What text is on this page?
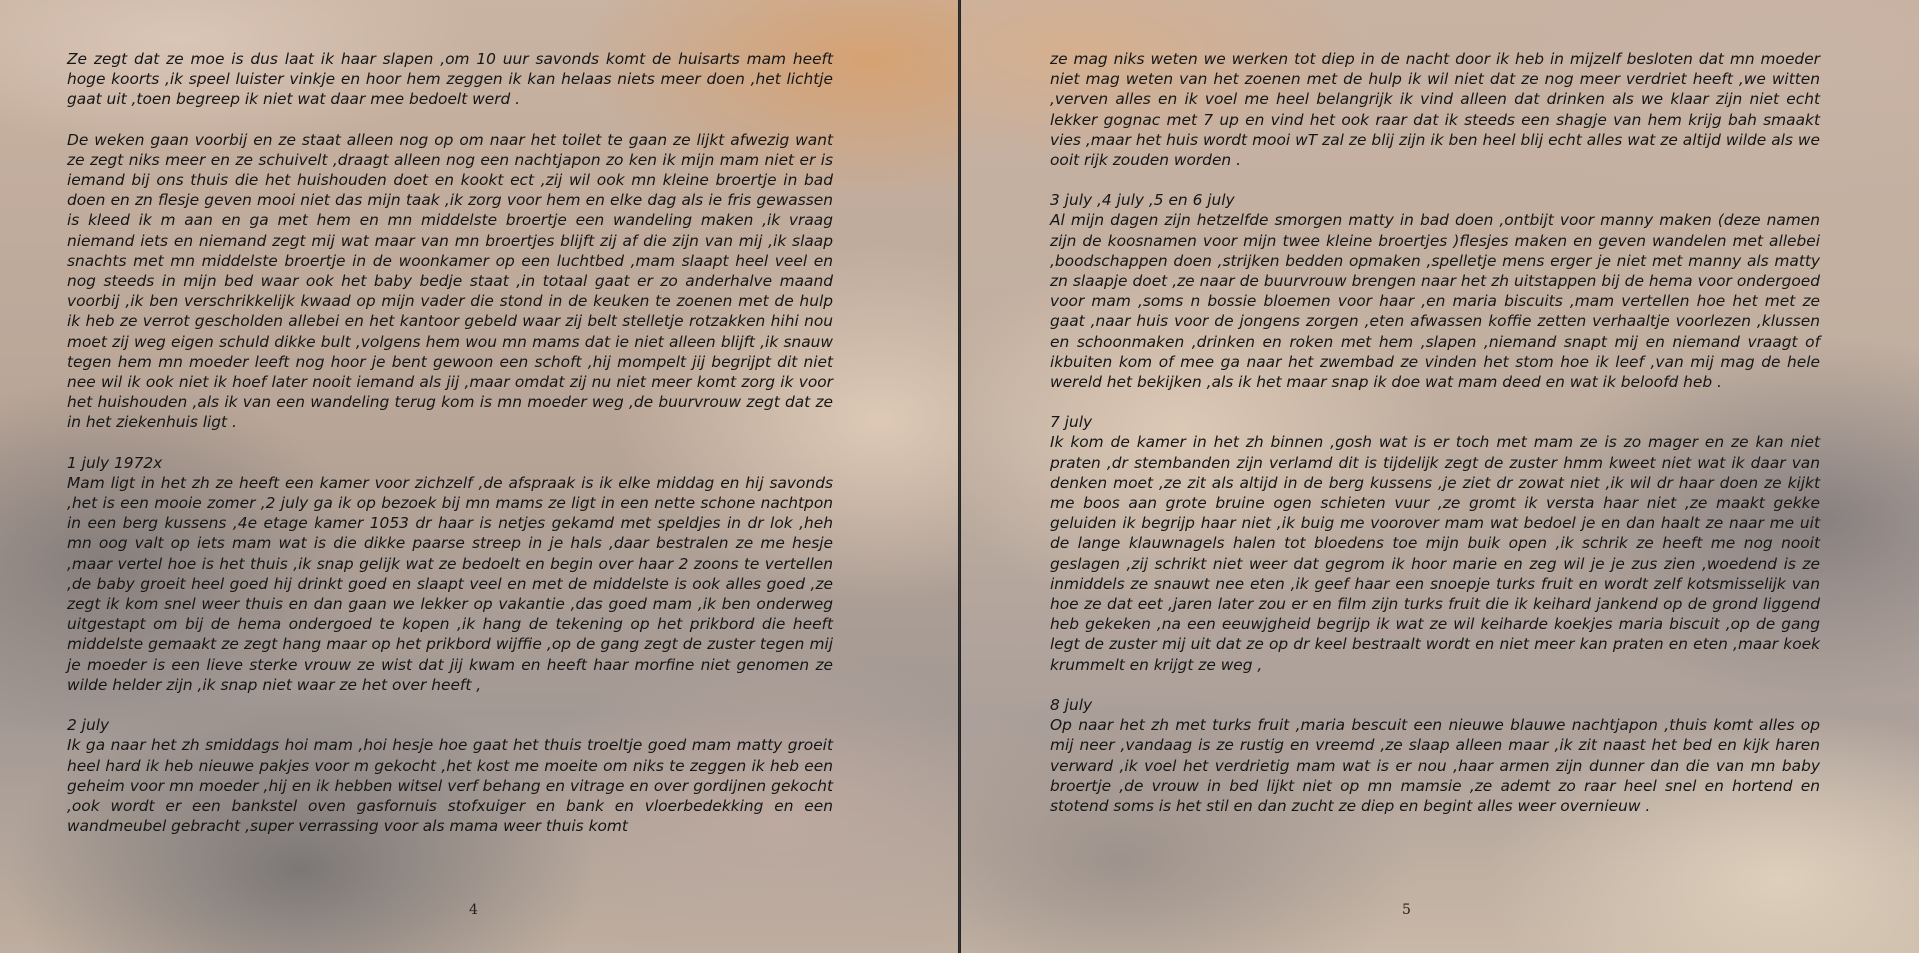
Ze zegt dat ze moe is dus laat ik haar slapen ,om 10 uur savonds komt de huisarts mam heeft hoge koorts ,ik speel luister vinkje en hoor hem zeggen ik kan helaas niets meer doen ,het lichtje gaat uit ,toen begreep ik niet wat daar mee bedoelt werd .

De weken gaan voorbij en ze staat alleen nog op om naar het toilet te gaan ze lijkt afwezig want ze zegt niks meer en ze schuivelt ,draagt alleen nog een nachtjapon zo ken ik mijn mam niet er is iemand bij ons thuis die het huishouden doet en kookt ect ,zij wil ook mn kleine broertje in bad doen en zn flesje geven mooi niet das mijn taak ,ik zorg voor hem en elke dag als ie fris gewassen is kleed ik m aan en ga met hem en mn middelste broertje een wandeling maken ,ik vraag niemand iets en niemand zegt mij wat maar van mn broertjes blijft zij af die zijn van mij ,ik slaap snachts met mn middelste broertje in de woonkamer op een luchtbed ,mam slaapt heel veel en nog steeds in mijn bed waar ook het baby bedje staat ,in totaal gaat er zo anderhalve maand voorbij ,ik ben verschrikkelijk kwaad op mijn vader die stond in de keuken te zoenen met de hulp ik heb ze verrot gescholden allebei en het kantoor gebeld waar zij belt stelletje rotzakken hihi nou moet zij weg eigen schuld dikke bult ,volgens hem wou mn mams dat ie niet alleen blijft ,ik snauw tegen hem mn moeder leeft nog hoor je bent gewoon een schoft ,hij mompelt jij begrijpt dit niet nee wil ik ook niet ik hoef later nooit iemand als jij ,maar omdat zij nu niet meer komt zorg ik voor het huishouden ,als ik van een wandeling terug kom is mn moeder weg ,de buurvrouw zegt dat ze in het ziekenhuis ligt .

1 july 1972x
Mam ligt in het zh ze heeft een kamer voor zichzelf ,de afspraak is ik elke middag en hij savonds ,het is een mooie zomer ,2 july ga ik op bezoek bij mn mams ze ligt in een nette schone nachtpon in een berg kussens ,4e etage kamer 1053 dr haar is netjes gekamd met speldjes in dr lok ,heh mn oog valt op iets mam wat is die dikke paarse streep in je hals ,daar bestralen ze me hesje ,maar vertel hoe is het thuis ,ik snap gelijk wat ze bedoelt en begin over haar 2 zoons te vertellen ,de baby groeit heel goed hij drinkt goed en slaapt veel en met de middelste is ook alles goed ,ze zegt ik kom snel weer thuis en dan gaan we lekker op vakantie ,das goed mam ,ik ben onderweg uitgestapt om bij de hema ondergoed te kopen ,ik hang de tekening op het prikbord die heeft middelste gemaakt ze zegt hang maar op het prikbord wijffie ,op de gang zegt de zuster tegen mij je moeder is een lieve sterke vrouw ze wist dat jij kwam en heeft haar morfine niet genomen ze wilde helder zijn ,ik snap niet waar ze het over heeft ,

2 july
Ik ga naar het zh smiddags hoi mam ,hoi hesje hoe gaat het thuis troeltje goed mam matty groeit heel hard ik heb nieuwe pakjes voor m gekocht ,het kost me moeite om niks te zeggen ik heb een geheim voor mn moeder ,hij en ik hebben witsel verf behang en vitrage en over gordijnen gekocht ,ook wordt er een bankstel oven gasfornuis stofxuiger en bank en vloerbedekking en een wandmeubel gebracht ,super verrassing voor als mama weer thuis komt

4

ze mag niks weten we werken tot diep in de nacht door ik heb in mijzelf besloten dat mn moeder niet mag weten van het zoenen met de hulp ik wil niet dat ze nog meer verdriet heeft ,we witten ,verven alles en ik voel me heel belangrijk ik vind alleen dat drinken als we klaar zijn niet echt lekker gognac met 7 up en vind het ook raar dat ik steeds een shagje van hem krijg bah smaakt vies ,maar het huis wordt mooi wT zal ze blij zijn ik ben heel blij echt alles wat ze altijd wilde als we ooit rijk zouden worden .

3 july ,4 july ,5 en 6 july
Al mijn dagen zijn hetzelfde smorgen matty in bad doen ,ontbijt voor manny maken (deze namen zijn de koosnamen voor mijn twee kleine broertjes )flesjes maken en geven wandelen met allebei ,boodschappen doen ,strijken bedden opmaken ,spelletje mens erger je niet met manny als matty zn slaapje doet ,ze naar de buurvrouw brengen naar het zh uitstappen bij de hema voor ondergoed voor mam ,soms n bossie bloemen voor haar ,en maria biscuits ,mam vertellen hoe het met ze gaat ,naar huis voor de jongens zorgen ,eten afwassen koffie zetten verhaaltje voorlezen ,klussen en schoonmaken ,drinken en roken met hem ,slapen ,niemand snapt mij en niemand vraagt of ikbuiten kom of mee ga naar het zwembad ze vinden het stom hoe ik leef ,van mij mag de hele wereld het bekijken ,als ik het maar snap ik doe wat mam deed en wat ik beloofd heb .

7 july
Ik kom de kamer in het zh binnen ,gosh wat is er toch met mam ze is zo mager en ze kan niet praten ,dr stembanden zijn verlamd dit is tijdelijk zegt de zuster hmm kweet niet wat ik daar van denken moet ,ze zit als altijd in de berg kussens ,je ziet dr zowat niet ,ik wil dr haar doen ze kijkt me boos aan grote bruine ogen schieten vuur ,ze gromt ik versta haar niet ,ze maakt gekke geluiden ik begrijp haar niet ,ik buig me voorover mam wat bedoel je en dan haalt ze naar me uit de lange klauwnagels halen tot bloedens toe mijn buik open ,ik schrik ze heeft me nog nooit geslagen ,zij schrikt niet weer dat gegrom ik hoor marie en zeg wil je je zus zien ,woedend is ze inmiddels ze snauwt nee eten ,ik geef haar een snoepje turks fruit en wordt zelf kotsmisselijk van hoe ze dat eet ,jaren later zou er en film zijn turks fruit die ik keihard jankend op de grond liggend heb gekeken ,na een eeuwjgheid begrijp ik wat ze wil keiharde koekjes maria biscuit ,op de gang legt de zuster mij uit dat ze op dr keel bestraalt wordt en niet meer kan praten en eten ,maar koek krummelt en krijgt ze weg ,

8 july
Op naar het zh met turks fruit ,maria bescuit een nieuwe blauwe nachtjapon ,thuis komt alles op mij neer ,vandaag is ze rustig en vreemd ,ze slaap alleen maar ,ik zit naast het bed en kijk haren verward ,ik voel het verdrietig mam wat is er nou ,haar armen zijn dunner dan die van mn baby broertje ,de vrouw in bed lijkt niet op mn mamsie ,ze ademt zo raar heel snel en hortend en stotend soms is het stil en dan zucht ze diep en begint alles weer overnieuw .

5
